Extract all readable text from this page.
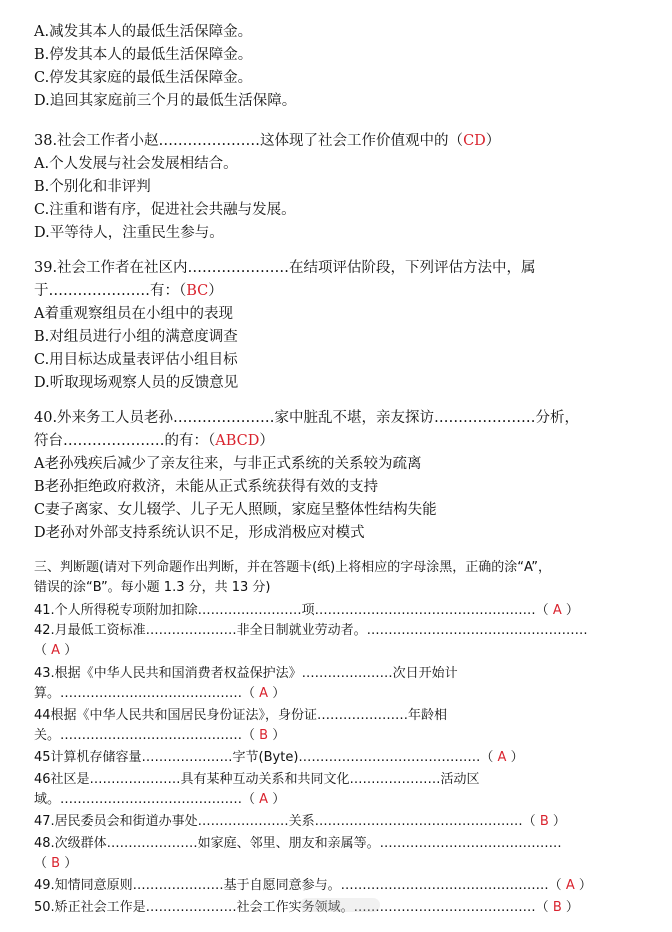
A.减发其本人的最低生活保障金。
B.停发其本人的最低生活保障金。
C.停发其家庭的最低生活保障金。
D.追回其家庭前三个月的最低生活保障。
38.社会工作者小赵…………………这体现了社会工作价值观中的（CD）
A.个人发展与社会发展相结合。
B.个别化和非评判
C.注重和谐有序，促进社会共融与发展。
D.平等待人，注重民生参与。
39.社会工作者在社区内…………………在结项评估阶段，下列评估方法中，属
于…………………有：（BC）
A着重观察组员在小组中的表现
B.对组员进行小组的满意度调查
C.用目标达成量表评估小组目标
D.听取现场观察人员的反馈意见
40.外来务工人员老孙…………………家中脏乱不堪，亲友探访…………………分析，
符台…………………的有：（ABCD）
A老孙残疾后减少了亲友往来，与非正式系统的关系较为疏离
B老孙拒绝政府救济，未能从正式系统获得有效的支持
C妻子离家、女儿辍学、儿子无人照顾，家庭呈整体性结构失能
D老孙对外部支持系统认识不足，形成消极应对模式
三、判断题(请对下列命题作出判断，并在答题卡(纸)上将相应的字母涂黑，正确的涂“A”，
错误的涂“B”。每小题 1.3 分，共 13 分)
41.个人所得税专项附加扣除……………………项……………………………………………（ A ）
42.月最低工资标准…………………非全日制就业劳动者。……………………………………………
（ A ）
43.根据《中华人民共和国消费者权益保护法》…………………次日开始计
算。……………………………………（ A ）
44根据《中华人民共和国居民身份证法》，身份证…………………年龄相
关。……………………………………（ B ）
45计算机存储容量…………………字节(Byte)……………………………………（ A ）
46社区是…………………具有某种互动关系和共同文化…………………活动区
域。……………………………………（ A ）
47.居民委员会和街道办事处…………………关系…………………………………………（ B ）
48.次级群体…………………如家庭、邻里、朋友和亲属等。……………………………………
（ B ）
49.知情同意原则…………………基于自愿同意参与。…………………………………………（ A ）
50.矫正社会工作是…………………社会工作实务领域。……………………………………（ B ）
